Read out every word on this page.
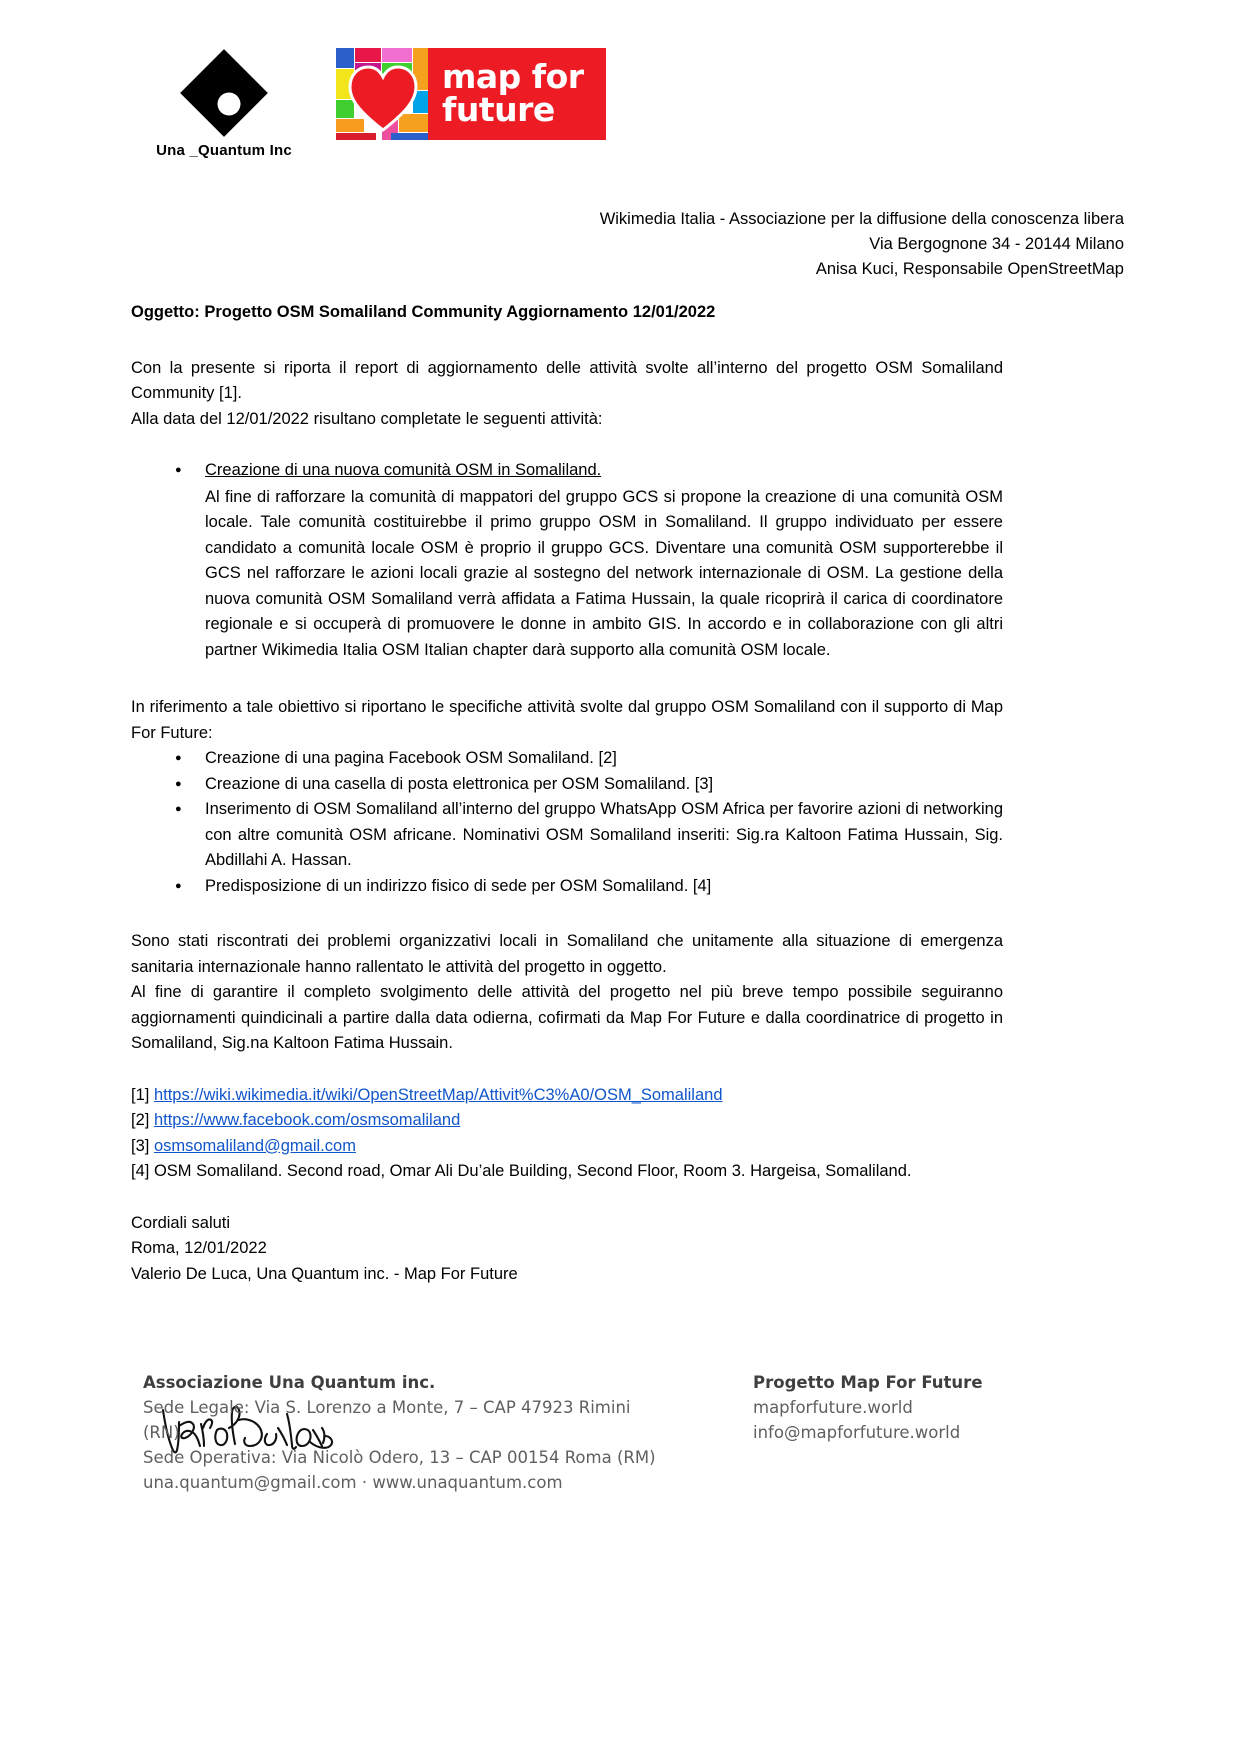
Una _Quantum Inc
map for future
Wikimedia Italia - Associazione per la diffusione della conoscenza libera
Via Bergognone 34 - 20144 Milano
Anisa Kuci, Responsabile OpenStreetMap
Oggetto: Progetto OSM Somaliland Community Aggiornamento 12/01/2022

Con la presente si riporta il report di aggiornamento delle attività svolte all’interno del progetto OSM Somaliland Community [1].

Alla data del 12/01/2022 risultano completate le seguenti attività:

● Creazione di una nuova comunità OSM in Somaliland.
Al fine di rafforzare la comunità di mappatori del gruppo GCS si propone la creazione di una comunità OSM locale. Tale comunità costituirebbe il primo gruppo OSM in Somaliland. Il gruppo individuato per essere candidato a comunità locale OSM è proprio il gruppo GCS. Diventare una comunità OSM supporterebbe il GCS nel rafforzare le azioni locali grazie al sostegno del network internazionale di OSM. La gestione della nuova comunità OSM Somaliland verrà affidata a Fatima Hussain, la quale ricoprirà il carica di coordinatore regionale e si occuperà di promuovere le donne in ambito GIS. In accordo e in collaborazione con gli altri partner Wikimedia Italia OSM Italian chapter darà supporto alla comunità OSM locale.

In riferimento a tale obiettivo si riportano le specifiche attività svolte dal gruppo OSM Somaliland con il supporto di Map For Future:

● Creazione di una pagina Facebook OSM Somaliland. [2]
● Creazione di una casella di posta elettronica per OSM Somaliland. [3]
● Inserimento di OSM Somaliland all’interno del gruppo WhatsApp OSM Africa per favorire azioni di networking con altre comunità OSM africane. Nominativi OSM Somaliland inseriti: Sig.ra Kaltoon Fatima Hussain, Sig. Abdillahi A. Hassan.
● Predisposizione di un indirizzo fisico di sede per OSM Somaliland. [4]

Sono stati riscontrati dei problemi organizzativi locali in Somaliland che unitamente alla situazione di emergenza sanitaria internazionale hanno rallentato le attività del progetto in oggetto.

Al fine di garantire il completo svolgimento delle attività del progetto nel più breve tempo possibile seguiranno aggiornamenti quindicinali a partire dalla data odierna, cofirmati da Map For Future e dalla coordinatrice di progetto in Somaliland, Sig.na Kaltoon Fatima Hussain.

[1] https://wiki.wikimedia.it/wiki/OpenStreetMap/Attivit%C3%A0/OSM_Somaliland
[2] https://www.facebook.com/osmsomaliland
[3] osmsomaliland@gmail.com
[4] OSM Somaliland. Second road, Omar Ali Du’ale Building, Second Floor, Room 3. Hargeisa, Somaliland.
Cordiali saluti
Roma, 12/01/2022
Valerio De Luca, Una Quantum inc. - Map For Future
Associazione Una Quantum inc.
Sede Legale: Via S. Lorenzo a Monte, 7 – CAP 47923 Rimini (RN)
Sede Operativa: Via Nicolò Odero, 13 – CAP 00154 Roma (RM)
una.quantum@gmail.com · www.unaquantum.com
Progetto Map For Future
mapforfuture.world
info@mapforfuture.world
